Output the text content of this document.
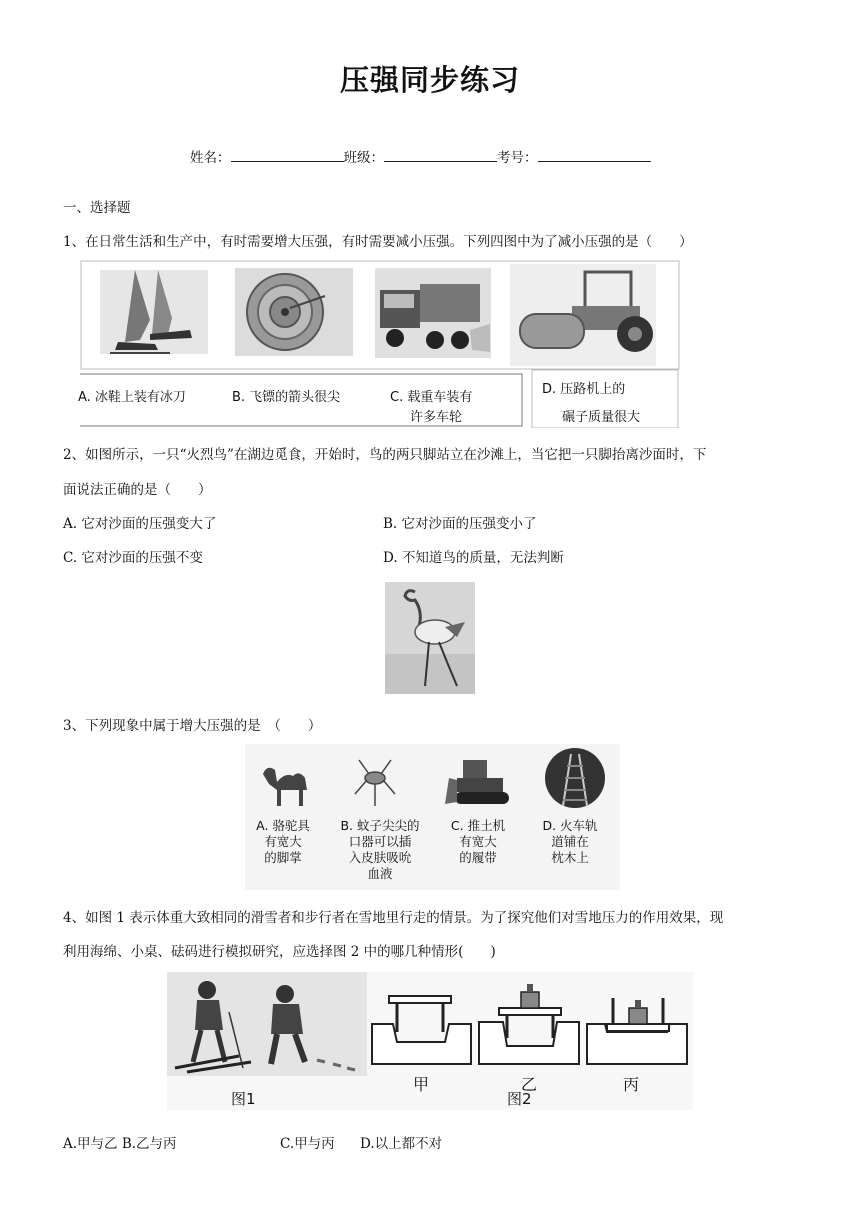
压强同步练习
姓名：	班级：	考号：
一、选择题
1、在日常生活和生产中，有时需要增大压强，有时需要减小压强。下列四图中为了减小压强的是（　　）
A. 冰鞋上装有冰刀	B. 飞镖的箭头很尖	C. 载重车装有
许多车轮
D. 压路机上的
碾子质量很大
2、如图所示，一只“火烈鸟”在湖边觅食，开始时，鸟的两只脚站立在沙滩上，当它把一只脚抬离沙面时，下
面说法正确的是（　　）
A. 它对沙面的压强变大了	B. 它对沙面的压强变小了
C. 它对沙面的压强不变	D. 不知道鸟的质量，无法判断
3、下列现象中属于增大压强的是　（　　）
A. 骆驼具
有宽大
的脚掌
B. 蚊子尖尖的
口器可以插
入皮肤吸吮
血液
C. 推土机
有宽大
的履带
D. 火车轨
道铺在
枕木上
4、如图 1 表示体重大致相同的滑雪者和步行者在雪地里行走的情景。为了探究他们对雪地压力的作用效果，现
利用海绵、小桌、砝码进行模拟研究，应选择图 2 中的哪几种情形(　　)
甲	乙	丙
图1	图2
A.甲与乙 B.乙与丙	C.甲与丙 D.以上都不对
